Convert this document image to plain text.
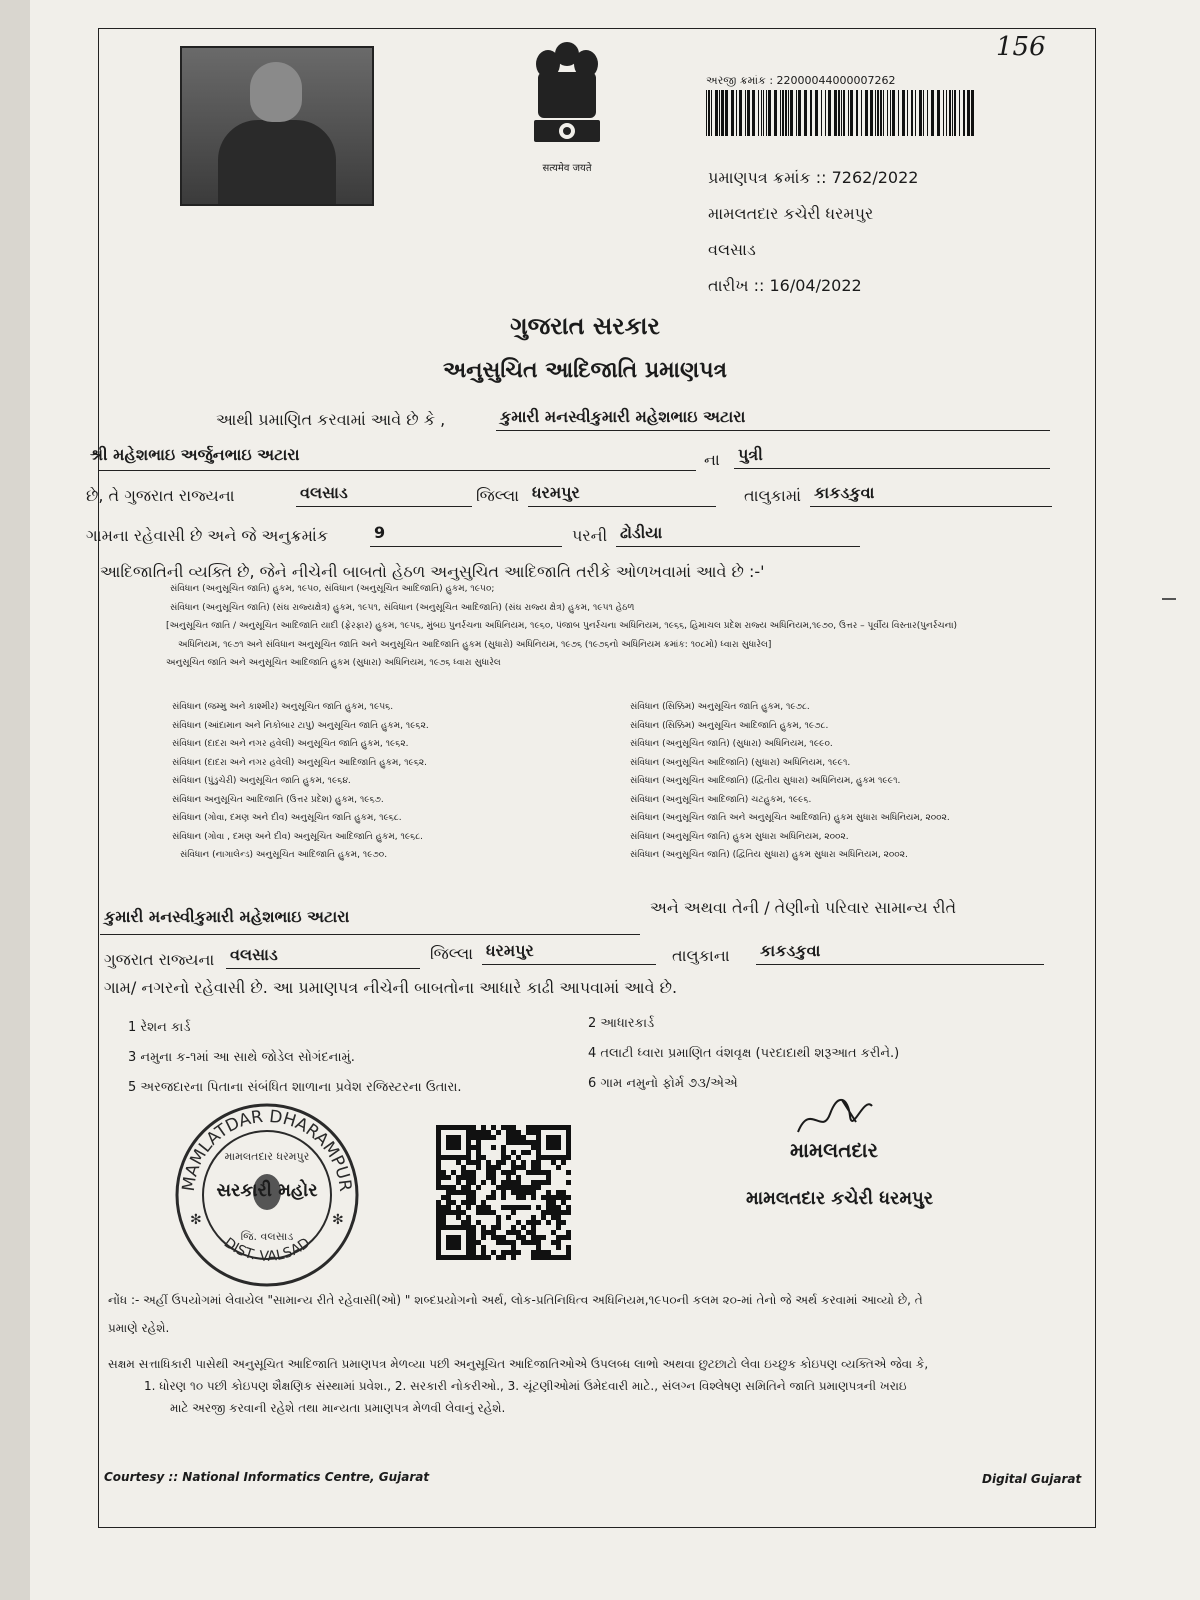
156
सत्यमेव जयते
અરજી ક્રમાંક : 22000044000007262
પ્રમાણપત્ર ક્રમાંક :: 7262/2022
મામલતદાર કચેરી ધરમપુર
વલસાડ
તારીખ :: 16/04/2022
ગુજરાત સરકાર
અનુસુચિત આદિજાતિ પ્રમાણપત્ર
આથી પ્રમાણિત કરવામાં આવે છે કે ,	કુમારી મનસ્વીકુમારી મહેશભાઇ અટારા
શ્રી મહેશભાઇ અર્જુનભાઇ અટારા	ના પુત્રી
છે, તે ગુજરાત રાજ્યના	વલસાડ	જિલ્લા ધરમપુર	તાલુકામાં કાકડકુવા
ગામના રહેવાસી છે અને જે અનુક્રમાંક	9	પરની ઢોડીયા
આદિજાતિની વ્યક્તિ છે, જેને નીચેની બાબતો હેઠળ અનુસુચિત આદિજાતિ તરીકે ઓળખવામાં આવે છે :-'
સંવિધાન (અનુસૂચિત જાતિ) હુકમ, ૧૯૫૦, સંવિધાન (અનુસૂચિત આદિજાતિ) હુકમ, ૧૯૫૦;
સંવિધાન (અનુસૂચિત જાતિ) (સંઘ રાજ્યક્ષેત્ર) હુકમ, ૧૯૫૧, સંવિધાન (અનુસૂચિત આદિજાતિ) (સંઘ રાજ્ય ક્ષેત્ર) હુકમ, ૧૯૫૧ હેઠળ
[અનુસૂચિત જાતિ / અનુસૂચિત આદિજાતિ યાદી (ફેરફાર) હુકમ, ૧૯૫૬, મુંબઇ પુનર્રચના અધિનિયમ, ૧૯૬૦, પંજાબ પુનર્રચના અધિનિયમ, ૧૯૬૬, હિમાચલ પ્રદેશ રાજ્ય અધિનિયમ,૧૯૭૦, ઉત્તર – પૂર્વીય વિસ્તાર(પુનર્રચના)
અધિનિયમ, ૧૯૭૧ અને સંવિધાન અનુસૂચિત જાતિ અને અનુસૂચિત આદિજાતિ હુકમ (સુધારો) અધિનિયમ, ૧૯૭૬ (૧૯૭૬નો અધિનિયમ ક્રમાંક: ૧૦૮મો) ધ્વારા સુધારેલ]
અનુસૂચિત જાતિ અને અનુસૂચિત આદિજાતિ હુકમ (સુધારા) અધિનિયમ, ૧૯૭૬ ધ્વારા સુધારેલ
સંવિધાન (જમ્મુ અને કાશ્મીર) અનુસૂચિત જાતિ હુકમ, ૧૯૫૬.
સંવિધાન (આંદામાન અને નિકોબાર ટાપુ) અનુસૂચિત જાતિ હુકમ, ૧૯૬૨.
સંવિધાન (દાદરા અને નગર હવેલી) અનુસૂચિત જાતિ હુકમ, ૧૯૬૨.
સંવિધાન (દાદરા અને નગર હવેલી) અનુસૂચિત આદિજાતિ હુકમ, ૧૯૬૨.
સંવિધાન (પુંડુચેરી) અનુસૂચિત જાતિ હુકમ, ૧૯૬૪.
સંવિધાન અનુસૂચિત આદિજાતિ (ઉત્તર પ્રદેશ) હુકમ, ૧૯૬૭.
સંવિધાન (ગોવા, દમણ અને દીવ) અનુસૂચિત જાતિ હુકમ, ૧૯૬૮.
સંવિધાન (ગોવા , દમણ અને દીવ) અનુસૂચિત આદિજાતિ હુકમ, ૧૯૬૮.
સંવિધાન (નાગાલેન્ડ) અનુસૂચિત આદિજાતિ હુકમ, ૧૯૭૦.
સંવિધાન (સિક્કિમ) અનુસૂચિત જાતિ હુકમ, ૧૯૭૮.
સંવિધાન (સિક્કિમ) અનુસૂચિત આદિજાતિ હુકમ, ૧૯૭૮.
સંવિધાન (અનુસૂચિત જાતિ) (સુધારા) અધિનિયમ, ૧૯૯૦.
સંવિધાન (અનુસૂચિત આદિજાતિ) (સુધારા) અધિનિયમ, ૧૯૯૧.
સંવિધાન (અનુસૂચિત આદિજાતિ) (દ્વિતીય સુધારા) અધિનિયમ, હુકમ ૧૯૯૧.
સંવિધાન (અનુસૂચિત આદિજાતિ) ચટહુકમ, ૧૯૯૬.
સંવિધાન (અનુસૂચિત જાતિ અને અનુસૂચિત આદિજાતિ) હુકમ સુધારા અધિનિયમ, ૨૦૦૨.
સંવિધાન (અનુસૂચિત જાતિ) હુકમ સુધારા અધિનિયમ, ૨૦૦૨.
સંવિધાન (અનુસૂચિત જાતિ) (દ્વિતિય સુધારા) હુકમ સુધારા અધિનિયમ, ૨૦૦૨.
કુમારી મનસ્વીકુમારી મહેશભાઇ અટારા	અને અથવા તેની / તેણીનો પરિવાર સામાન્ય રીતે
ગુજરાત રાજ્યના વલસાડ	જિલ્લા ધરમપુર	તાલુકાના કાકડકુવા
ગામ/ નગરનો રહેવાસી છે. આ પ્રમાણપત્ર નીચેની બાબતોના આધારે કાઢી આપવામાં આવે છે.
1 રેશન કાર્ડ	2 આધારકાર્ડ
3 નમુના ક-૧માં આ સાથે જોડેલ સોગંદનામું.	4 તલાટી ધ્વારા પ્રમાણિત વંશવૃક્ષ (પરદાદાથી શરૂઆત કરીને.)
5 અરજદારના પિતાના સંબંધિત શાળાના પ્રવેશ રજિસ્ટરના ઉતારા.	6 ગામ નમુનો ફોર્મ ૭૩/એએ
MAMLATDAR DHARAMPUR
DIST. VALSAD
મામલતદાર ધરમપુર
સરકારી મહોર
જિ. વલસાડ
✻	✻
મામલતદાર
મામલતદાર કચેરી ધરમપુર
નોંધ :- અહીં ઉપયોગમાં લેવાયેલ "સામાન્ય રીતે રહેવાસી(ઓ) " શબ્દપ્રયોગનો અર્થ, લોક-પ્રતિનિધિત્વ અધિનિયમ,૧૯૫૦ની કલમ ૨૦-માં તેનો જે અર્થ કરવામાં આવ્યો છે, તે
પ્રમાણે રહેશે.
સક્ષમ સત્તાધિકારી પાસેથી અનુસૂચિત આદિજાતિ પ્રમાણપત્ર મેળવ્યા પછી અનુસૂચિત આદિજાતિઓએ ઉપલબ્ધ લાભો અથવા છુટછાટો લેવા ઇચ્છુક કોઇપણ વ્યક્તિએ જેવા કે,
1. ધોરણ ૧૦ પછી કોઇપણ શૈક્ષણિક સંસ્થામાં પ્રવેશ., 2. સરકારી નોકરીઓ., 3. ચૂંટણીઓમાં ઉમેદવારી માટે., સંલગ્ન વિશ્લેષણ સમિતિને જાતિ પ્રમાણપત્રની ખરાઇ
માટે અરજી કરવાની રહેશે તથા માન્યતા પ્રમાણપત્ર મેળવી લેવાનું રહેશે.
Courtesy :: National Informatics Centre, Gujarat	Digital Gujarat
